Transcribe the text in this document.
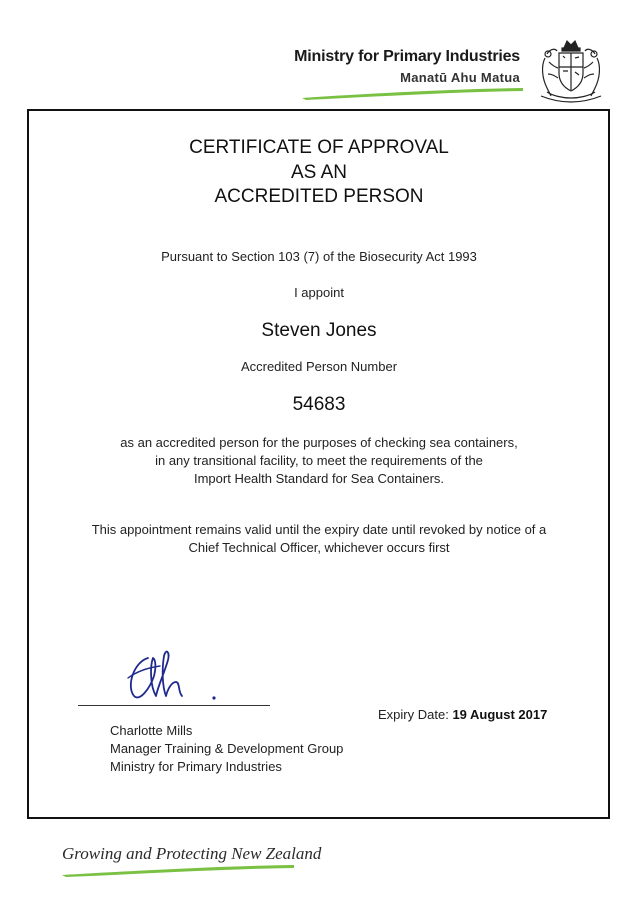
Ministry for Primary Industries
Manatū Ahu Matua
CERTIFICATE OF APPROVAL
AS AN
ACCREDITED PERSON
Pursuant to Section 103 (7) of the Biosecurity Act 1993
I appoint
Steven Jones
Accredited Person Number
54683
as an accredited person for the purposes of checking sea containers,
in any transitional facility, to meet the requirements of the
Import Health Standard for Sea Containers.
This appointment remains valid until the expiry date until revoked by notice of a
Chief Technical Officer, whichever occurs first
Charlotte Mills
Manager Training & Development Group
Ministry for Primary Industries
Expiry Date: 19 August 2017
Growing and Protecting New Zealand
